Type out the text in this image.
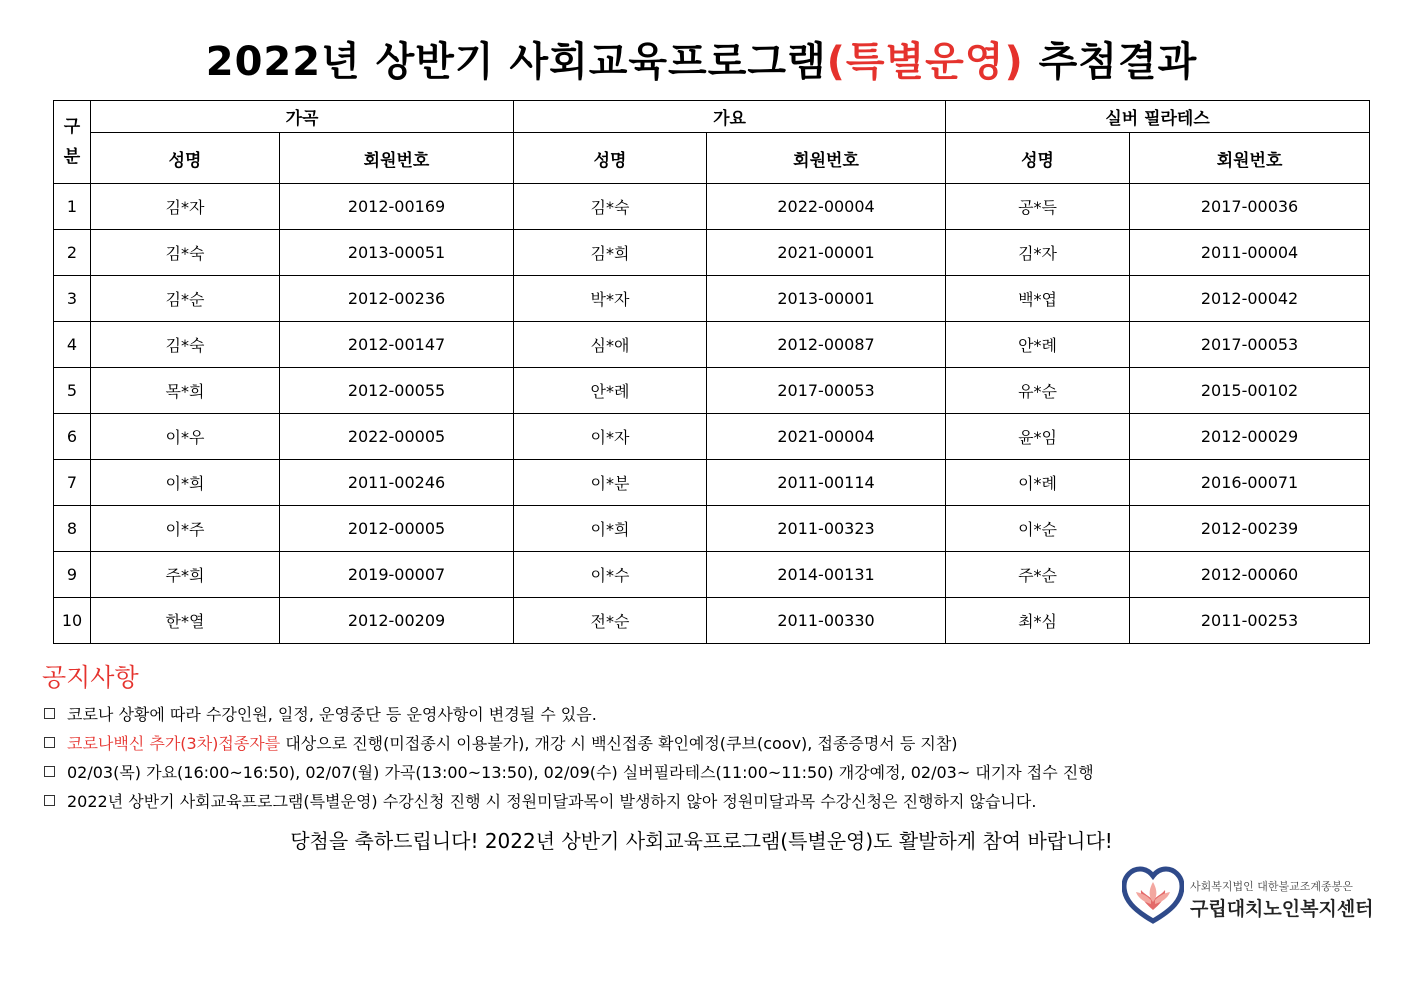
2022년 상반기 사회교육프로그램(특별운영) 추첨결과
구
분	가곡		가요		실버 필라테스	
	성명	회원번호	성명	회원번호	성명	회원번호
1	김*자	2012-00169	김*숙	2022-00004	공*득	2017-00036
2	김*숙	2013-00051	김*희	2021-00001	김*자	2011-00004
3	김*순	2012-00236	박*자	2013-00001	백*엽	2012-00042
4	김*숙	2012-00147	심*애	2012-00087	안*례	2017-00053
5	목*희	2012-00055	안*례	2017-00053	유*순	2015-00102
6	이*우	2022-00005	이*자	2021-00004	윤*임	2012-00029
7	이*희	2011-00246	이*분	2011-00114	이*례	2016-00071
8	이*주	2012-00005	이*희	2011-00323	이*순	2012-00239
9	주*희	2019-00007	이*수	2014-00131	주*순	2012-00060
10	한*열	2012-00209	전*순	2011-00330	최*심	2011-00253
공지사항
코로나 상황에 따라 수강인원, 일정, 운영중단 등 운영사항이 변경될 수 있음.
코로나백신 추가(3차)접종자를 대상으로 진행(미접종시 이용불가), 개강 시 백신접종 확인예정(쿠브(coov), 접종증명서 등 지참)
02/03(목) 가요(16:00~16:50), 02/07(월) 가곡(13:00~13:50), 02/09(수) 실버필라테스(11:00~11:50) 개강예정, 02/03~ 대기자 접수 진행
2022년 상반기 사회교육프로그램(특별운영) 수강신청 진행 시 정원미달과목이 발생하지 않아 정원미달과목 수강신청은 진행하지 않습니다.
당첨을 축하드립니다! 2022년 상반기 사회교육프로그램(특별운영)도 활발하게 참여 바랍니다!
사회복지법인 대한불교조계종봉은
구립대치노인복지센터
